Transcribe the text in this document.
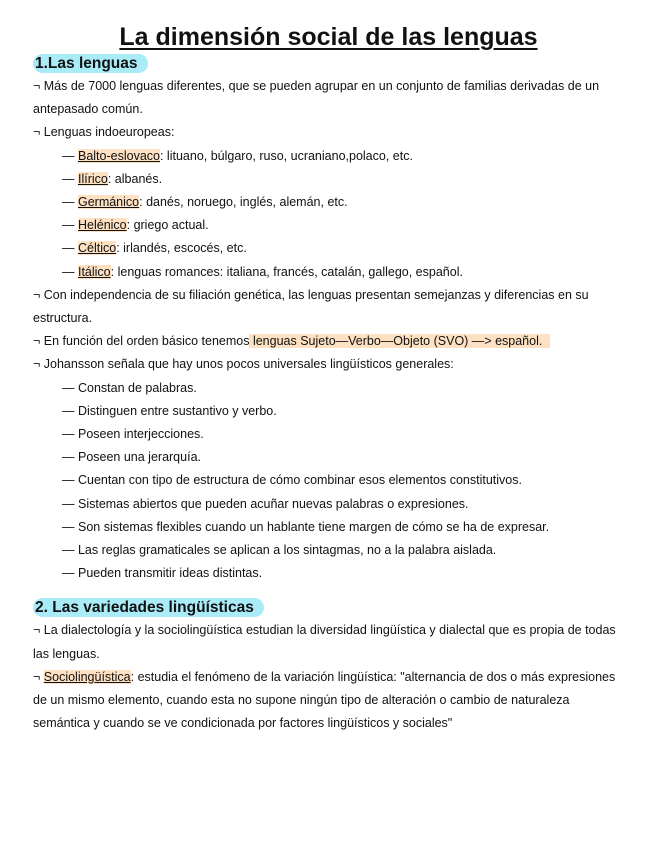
La dimensión social de las lenguas
1.Las lenguas

¬ Más de 7000 lenguas diferentes, que se pueden agrupar en un conjunto de familias derivadas de un antepasado común.

¬ Lenguas indoeuropeas:

— Balto-eslovaco: lituano, búlgaro, ruso, ucraniano,polaco, etc.
— Ilírico: albanés.
— Germánico: danés, noruego, inglés, alemán, etc.
— Helénico: griego actual.
— Céltico: irlandés, escocés, etc.
— Itálico: lenguas romances: italiana, francés, catalán, gallego, español.

¬ Con independencia de su filiación genética, las lenguas presentan semejanzas y diferencias en su estructura.

¬ En función del orden básico tenemos lenguas Sujeto—Verbo—Objeto (SVO) —> español.

¬ Johansson señala que hay unos pocos universales lingüísticos generales:

— Constan de palabras.
— Distinguen entre sustantivo y verbo.
— Poseen interjecciones.
— Poseen una jerarquía.
— Cuentan con tipo de estructura de cómo combinar esos elementos constitutivos.
— Sistemas abiertos que pueden acuñar nuevas palabras o expresiones.
— Son sistemas flexibles cuando un hablante tiene margen de cómo se ha de expresar.
— Las reglas gramaticales se aplican a los sintagmas, no a la palabra aislada.
— Pueden transmitir ideas distintas.
2. Las variedades lingüísticas

¬ La dialectología y la sociolingüística estudian la diversidad lingüística y dialectal que es propia de todas las lenguas.

¬ Sociolingüística: estudia el fenómeno de la variación lingüística: "alternancia de dos o más expresiones de un mismo elemento, cuando esta no supone ningún tipo de alteración o cambio de naturaleza semántica y cuando se ve condicionada por factores lingüísticos y sociales"
